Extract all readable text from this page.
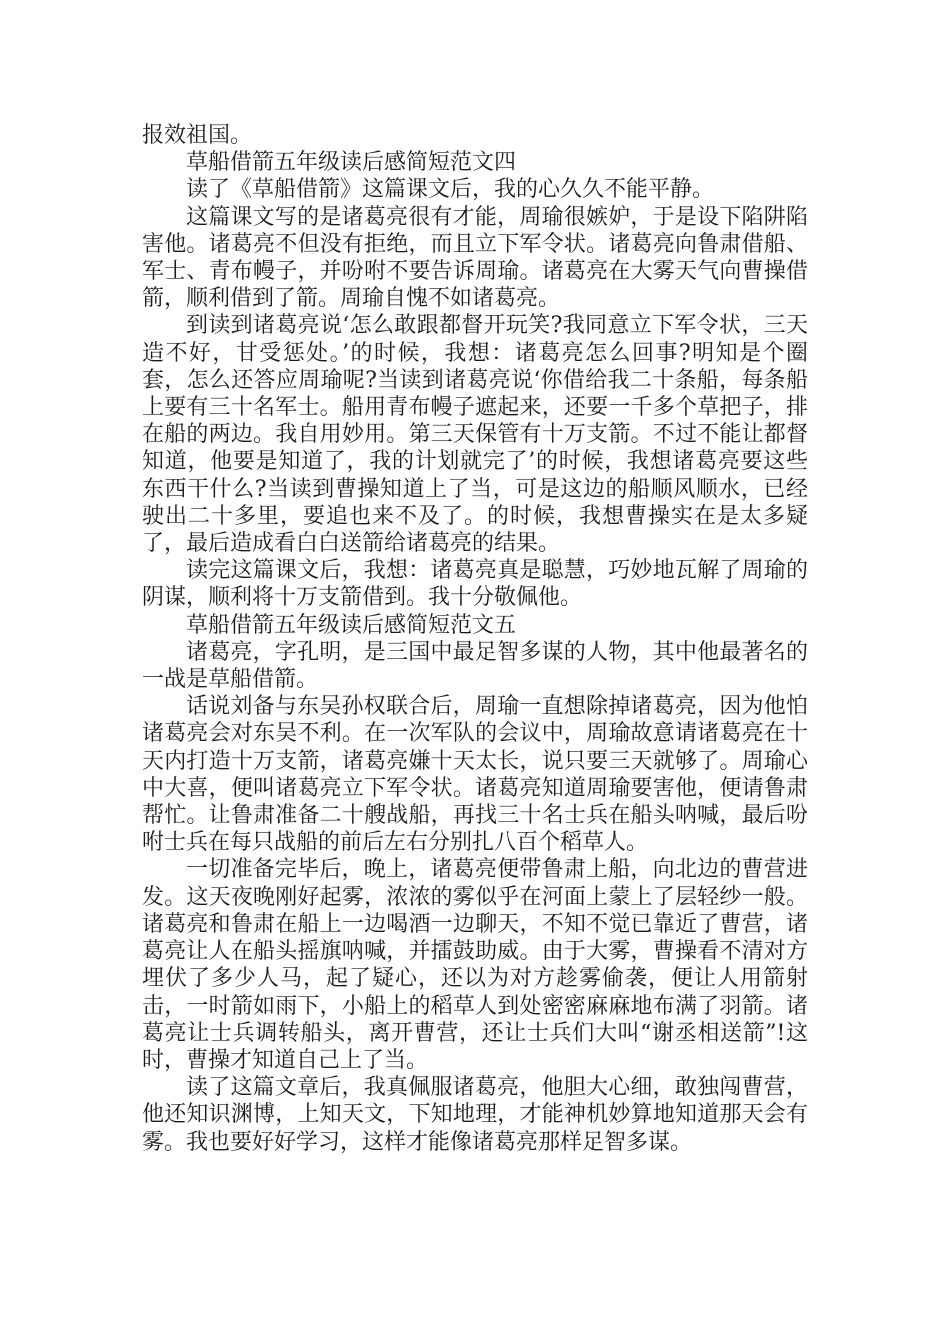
报效祖国。

草船借箭五年级读后感简短范文四

读了《草船借箭》这篇课文后，我的心久久不能平静。

这篇课文写的是诸葛亮很有才能，周瑜很嫉妒，于是设下陷阱陷害他。诸葛亮不但没有拒绝，而且立下军令状。诸葛亮向鲁肃借船、军士、青布幔子，并吩咐不要告诉周瑜。诸葛亮在大雾天气向曹操借箭，顺利借到了箭。周瑜自愧不如诸葛亮。

到读到诸葛亮说‘怎么敢跟都督开玩笑?我同意立下军令状，三天造不好，甘受惩处。’的时候，我想：诸葛亮怎么回事?明知是个圈套，怎么还答应周瑜呢?当读到诸葛亮说‘你借给我二十条船，每条船上要有三十名军士。船用青布幔子遮起来，还要一千多个草把子，排在船的两边。我自用妙用。第三天保管有十万支箭。不过不能让都督知道，他要是知道了，我的计划就完了’的时候，我想诸葛亮要这些东西干什么?当读到曹操知道上了当，可是这边的船顺风顺水，已经驶出二十多里，要追也来不及了。的时候，我想曹操实在是太多疑了，最后造成看白白送箭给诸葛亮的结果。

读完这篇课文后，我想：诸葛亮真是聪慧，巧妙地瓦解了周瑜的阴谋，顺利将十万支箭借到。我十分敬佩他。

草船借箭五年级读后感简短范文五

诸葛亮，字孔明，是三国中最足智多谋的人物，其中他最著名的一战是草船借箭。

话说刘备与东吴孙权联合后，周瑜一直想除掉诸葛亮，因为他怕诸葛亮会对东吴不利。在一次军队的会议中，周瑜故意请诸葛亮在十天内打造十万支箭，诸葛亮嫌十天太长，说只要三天就够了。周瑜心中大喜，便叫诸葛亮立下军令状。诸葛亮知道周瑜要害他，便请鲁肃帮忙。让鲁肃准备二十艘战船，再找三十名士兵在船头呐喊，最后吩咐士兵在每只战船的前后左右分别扎八百个稻草人。

一切准备完毕后，晚上，诸葛亮便带鲁肃上船，向北边的曹营进发。这天夜晚刚好起雾，浓浓的雾似乎在河面上蒙上了层轻纱一般。诸葛亮和鲁肃在船上一边喝酒一边聊天，不知不觉已靠近了曹营，诸葛亮让人在船头摇旗呐喊，并擂鼓助威。由于大雾，曹操看不清对方埋伏了多少人马，起了疑心，还以为对方趁雾偷袭，便让人用箭射击，一时箭如雨下，小船上的稻草人到处密密麻麻地布满了羽箭。诸葛亮让士兵调转船头，离开曹营，还让士兵们大叫“谢丞相送箭”!这时，曹操才知道自己上了当。

读了这篇文章后，我真佩服诸葛亮，他胆大心细，敢独闯曹营，他还知识渊博，上知天文，下知地理，才能神机妙算地知道那天会有雾。我也要好好学习，这样才能像诸葛亮那样足智多谋。
